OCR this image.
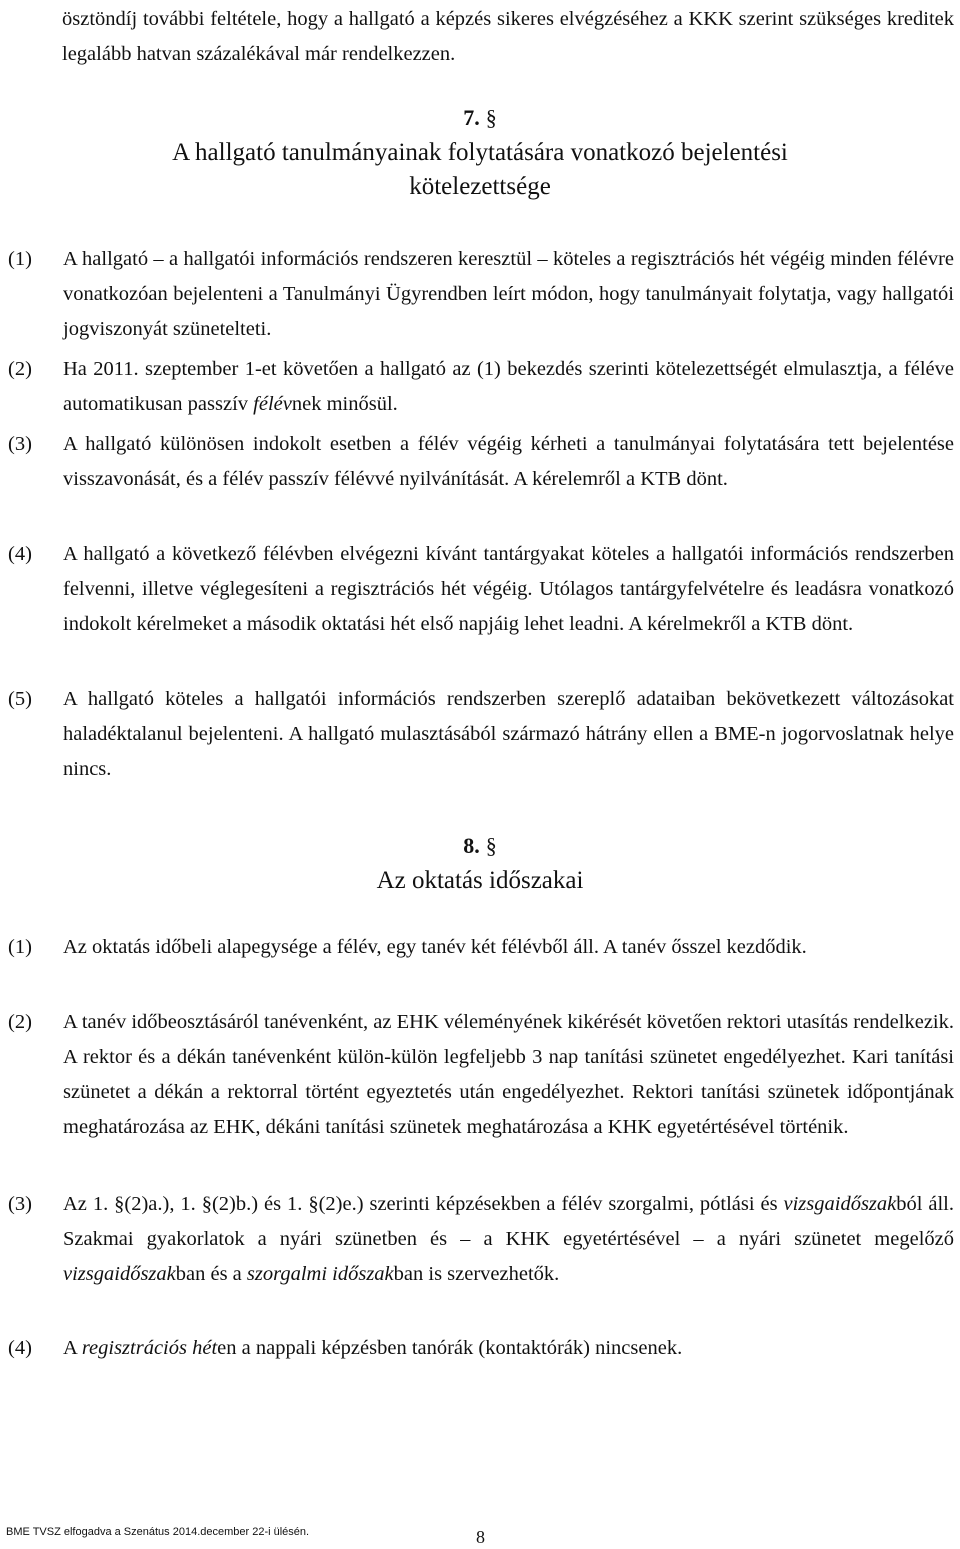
ösztöndíj további feltétele, hogy a hallgató a képzés sikeres elvégzéséhez a KKK szerint szükséges kreditek legalább hatvan százalékával már rendelkezzen.

7. §
A hallgató tanulmányainak folytatására vonatkozó bejelentési
kötelezettsége
(1) A hallgató – a hallgatói információs rendszeren keresztül – köteles a regisztrációs hét végéig minden félévre vonatkozóan bejelenteni a Tanulmányi Ügyrendben leírt módon, hogy tanulmányait folytatja, vagy hallgatói jogviszonyát szünetelteti.

(2) Ha 2011. szeptember 1-et követően a hallgató az (1) bekezdés szerinti kötelezettségét elmulasztja, a féléve automatikusan passzív félévnek minősül.

(3) A hallgató különösen indokolt esetben a félév végéig kérheti a tanulmányai folytatására tett bejelentése visszavonását, és a félév passzív félévvé nyilvánítását. A kérelemről a KTB dönt.

(4) A hallgató a következő félévben elvégezni kívánt tantárgyakat köteles a hallgatói információs rendszerben felvenni, illetve véglegesíteni a regisztrációs hét végéig. Utólagos tantárgyfelvételre és leadásra vonatkozó indokolt kérelmeket a második oktatási hét első napjáig lehet leadni. A kérelmekről a KTB dönt.

(5) A hallgató köteles a hallgatói információs rendszerben szereplő adataiban bekövetkezett változásokat haladéktalanul bejelenteni. A hallgató mulasztásából származó hátrány ellen a BME-n jogorvoslatnak helye nincs.

8. §
Az oktatás időszakai
(1) Az oktatás időbeli alapegysége a félév, egy tanév két félévből áll. A tanév ősszel kezdődik.

(2) A tanév időbeosztásáról tanévenként, az EHK véleményének kikérését követően rektori utasítás rendelkezik. A rektor és a dékán tanévenként külön-külön legfeljebb 3 nap tanítási szünetet engedélyezhet. Kari tanítási szünetet a dékán a rektorral történt egyeztetés után engedélyezhet. Rektori tanítási szünetek időpontjának meghatározása az EHK, dékáni tanítási szünetek meghatározása a KHK egyetértésével történik.

(3) Az 1. §(2)a.), 1. §(2)b.) és 1. §(2)e.) szerinti képzésekben a félév szorgalmi, pótlási és vizsgaidőszakból áll. Szakmai gyakorlatok a nyári szünetben és – a KHK egyetértésével – a nyári szünetet megelőző vizsgaidőszakban és a szorgalmi időszakban is szervezhetők.

(4) A regisztrációs héten a nappali képzésben tanórák (kontaktórák) nincsenek.

BME TVSZ elfogadva a Szenátus 2014.december 22-i ülésén.	8
